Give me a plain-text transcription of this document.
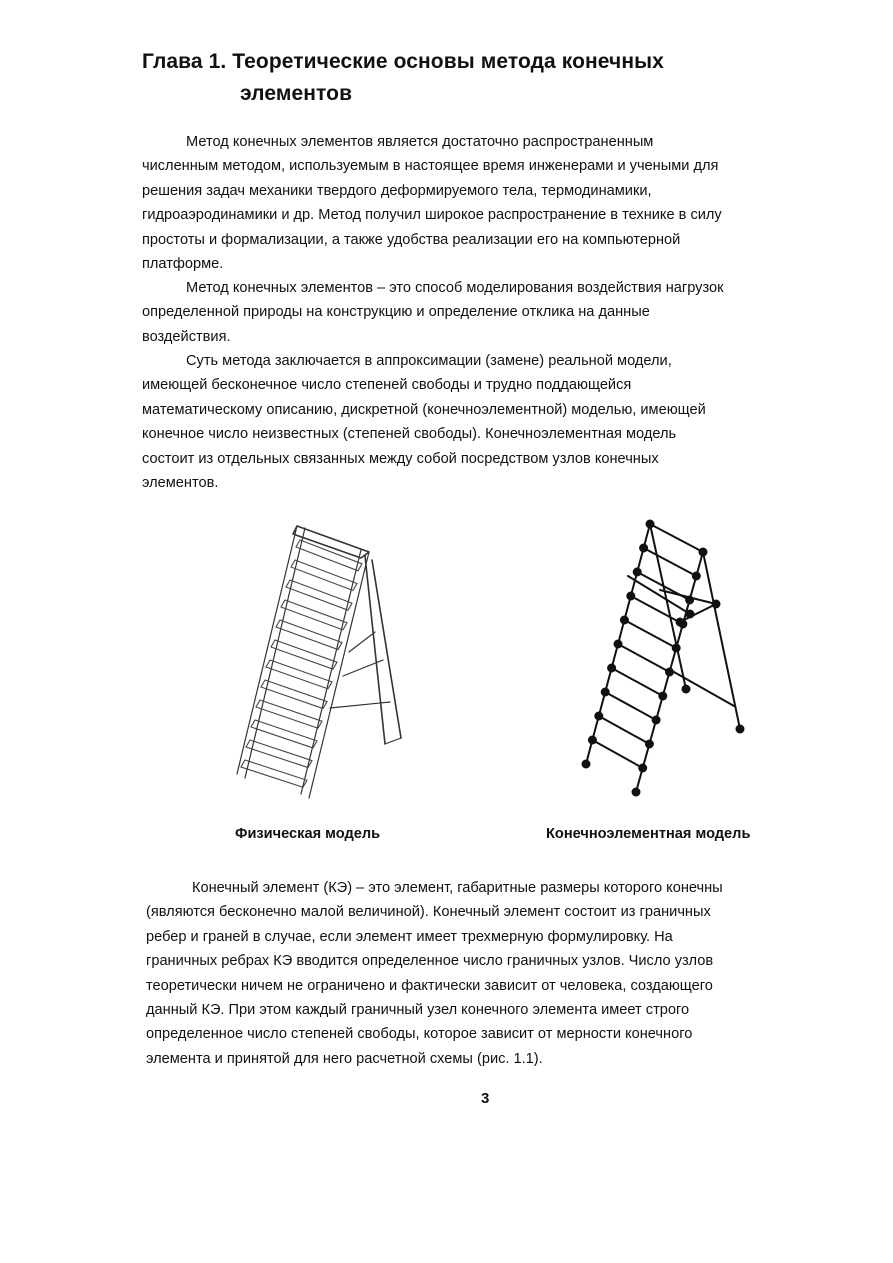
Глава 1. Теоретические основы метода конечных
элементов

Метод конечных элементов является достаточно распространенным
численным методом, используемым в настоящее время инженерами и учеными для
решения задач механики твердого деформируемого тела, термодинамики,
гидроаэродинамики и др. Метод получил широкое распространение в технике в силу
простоты и формализации, а также удобства реализации его на компьютерной
платформе.

Метод конечных элементов – это способ моделирования воздействия нагрузок
определенной природы на конструкцию и определение отклика на данные
воздействия.

Суть метода заключается в аппроксимации (замене) реальной модели,
имеющей бесконечное число степеней свободы и трудно поддающейся
математическому описанию, дискретной (конечноэлементной) моделью, имеющей
конечное число неизвестных (степеней свободы). Конечноэлементная модель
состоит из отдельных связанных между собой посредством узлов конечных
элементов.

Физическая модель	Конечноэлементная модель

Конечный элемент (КЭ) – это элемент, габаритные размеры которого конечны
(являются бесконечно малой величиной). Конечный элемент состоит из граничных
ребер и граней в случае, если элемент имеет трехмерную формулировку. На
граничных ребрах КЭ вводится определенное число граничных узлов. Число узлов
теоретически ничем не ограничено и фактически зависит от человека, создающего
данный КЭ. При этом каждый граничный узел конечного элемента имеет строго
определенное число степеней свободы, которое зависит от мерности конечного
элемента и принятой для него расчетной схемы (рис. 1.1).

3
